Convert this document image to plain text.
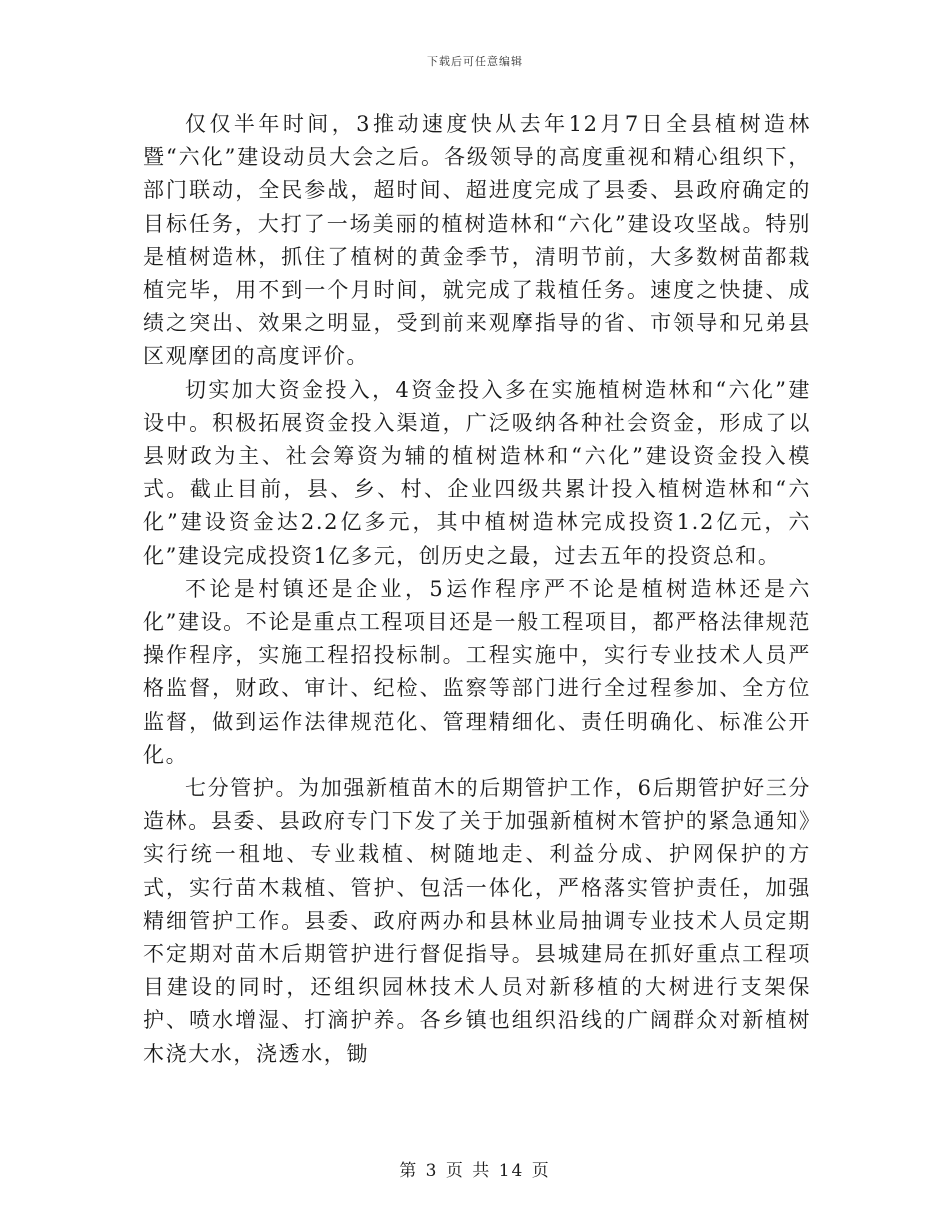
下载后可任意编辑

仅仅半年时间，3推动速度快从去年12月7日全县植树造林暨“六化”建设动员大会之后。各级领导的高度重视和精心组织下，部门联动，全民参战，超时间、超进度完成了县委、县政府确定的目标任务，大打了一场美丽的植树造林和“六化”建设攻坚战。特别是植树造林，抓住了植树的黄金季节，清明节前，大多数树苗都栽植完毕，用不到一个月时间，就完成了栽植任务。速度之快捷、成绩之突出、效果之明显，受到前来观摩指导的省、市领导和兄弟县区观摩团的高度评价。

切实加大资金投入，4资金投入多在实施植树造林和“六化”建设中。积极拓展资金投入渠道，广泛吸纳各种社会资金，形成了以县财政为主、社会筹资为辅的植树造林和“六化”建设资金投入模式。截止目前，县、乡、村、企业四级共累计投入植树造林和“六化”建设资金达2.2亿多元，其中植树造林完成投资1.2亿元，六化”建设完成投资1亿多元，创历史之最，过去五年的投资总和。

不论是村镇还是企业，5运作程序严不论是植树造林还是六化”建设。不论是重点工程项目还是一般工程项目，都严格法律规范操作程序，实施工程招投标制。工程实施中，实行专业技术人员严格监督，财政、审计、纪检、监察等部门进行全过程参加、全方位监督，做到运作法律规范化、管理精细化、责任明确化、标准公开化。

七分管护。为加强新植苗木的后期管护工作，6后期管护好三分造林。县委、县政府专门下发了关于加强新植树木管护的紧急通知》实行统一租地、专业栽植、树随地走、利益分成、护网保护的方式，实行苗木栽植、管护、包活一体化，严格落实管护责任，加强精细管护工作。县委、政府两办和县林业局抽调专业技术人员定期不定期对苗木后期管护进行督促指导。县城建局在抓好重点工程项目建设的同时，还组织园林技术人员对新移植的大树进行支架保护、喷水增湿、打滴护养。各乡镇也组织沿线的广阔群众对新植树木浇大水，浇透水，锄

第 3 页 共 14 页
